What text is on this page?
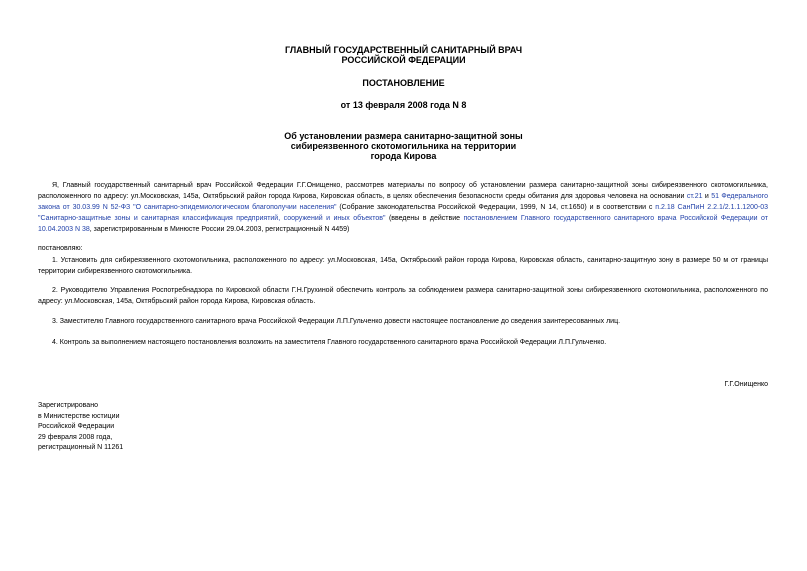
ГЛАВНЫЙ ГОСУДАРСТВЕННЫЙ САНИТАРНЫЙ ВРАЧ
РОССИЙСКОЙ ФЕДЕРАЦИИ
ПОСТАНОВЛЕНИЕ
от 13 февраля 2008 года N 8
Об установлении размера санитарно-защитной зоны
сибиреязвенного скотомогильника на территории
города Кирова

Я, Главный государственный санитарный врач Российской Федерации Г.Г.Онищенко, рассмотрев материалы по вопросу об установлении размера санитарно-защитной зоны сибиреязвенного скотомогильника, расположенного по адресу: ул.Московская, 145а, Октябрьский район города Кирова, Кировская область, в целях обеспечения безопасности среды обитания для здоровья человека на основании ст.21 и 51 Федерального закона от 30.03.99 N 52-ФЗ "О санитарно-эпидемиологическом благополучии населения" (Собрание законодательства Российской Федерации, 1999, N 14, ст.1650) и в соответствии с п.2.18 СанПиН 2.2.1/2.1.1.1200-03 "Санитарно-защитные зоны и санитарная классификация предприятий, сооружений и иных объектов" (введены в действие постановлением Главного государственного санитарного врача Российской Федерации от 10.04.2003 N 38, зарегистрированным в Минюсте России 29.04.2003, регистрационный N 4459)

постановляю:

1. Установить для сибиреязвенного скотомогильника, расположенного по адресу: ул.Московская, 145а, Октябрьский район города Кирова, Кировская область, санитарно-защитную зону в размере 50 м от границы территории сибиреязвенного скотомогильника.

2. Руководителю Управления Роспотребнадзора по Кировской области Г.Н.Грухиной обеспечить контроль за соблюдением размера санитарно-защитной зоны сибиреязвенного скотомогильника, расположенного по адресу: ул.Московская, 145а, Октябрьский район города Кирова, Кировская область.

3. Заместителю Главного государственного санитарного врача Российской Федерации Л.П.Гульченко довести настоящее постановление до сведения заинтересованных лиц.

4. Контроль за выполнением настоящего постановления возложить на заместителя Главного государственного санитарного врача Российской Федерации Л.П.Гульченко.

Г.Г.Онищенко
Зарегистрировано
в Министерстве юстиции
Российской Федерации
29 февраля 2008 года,
регистрационный N 11261
